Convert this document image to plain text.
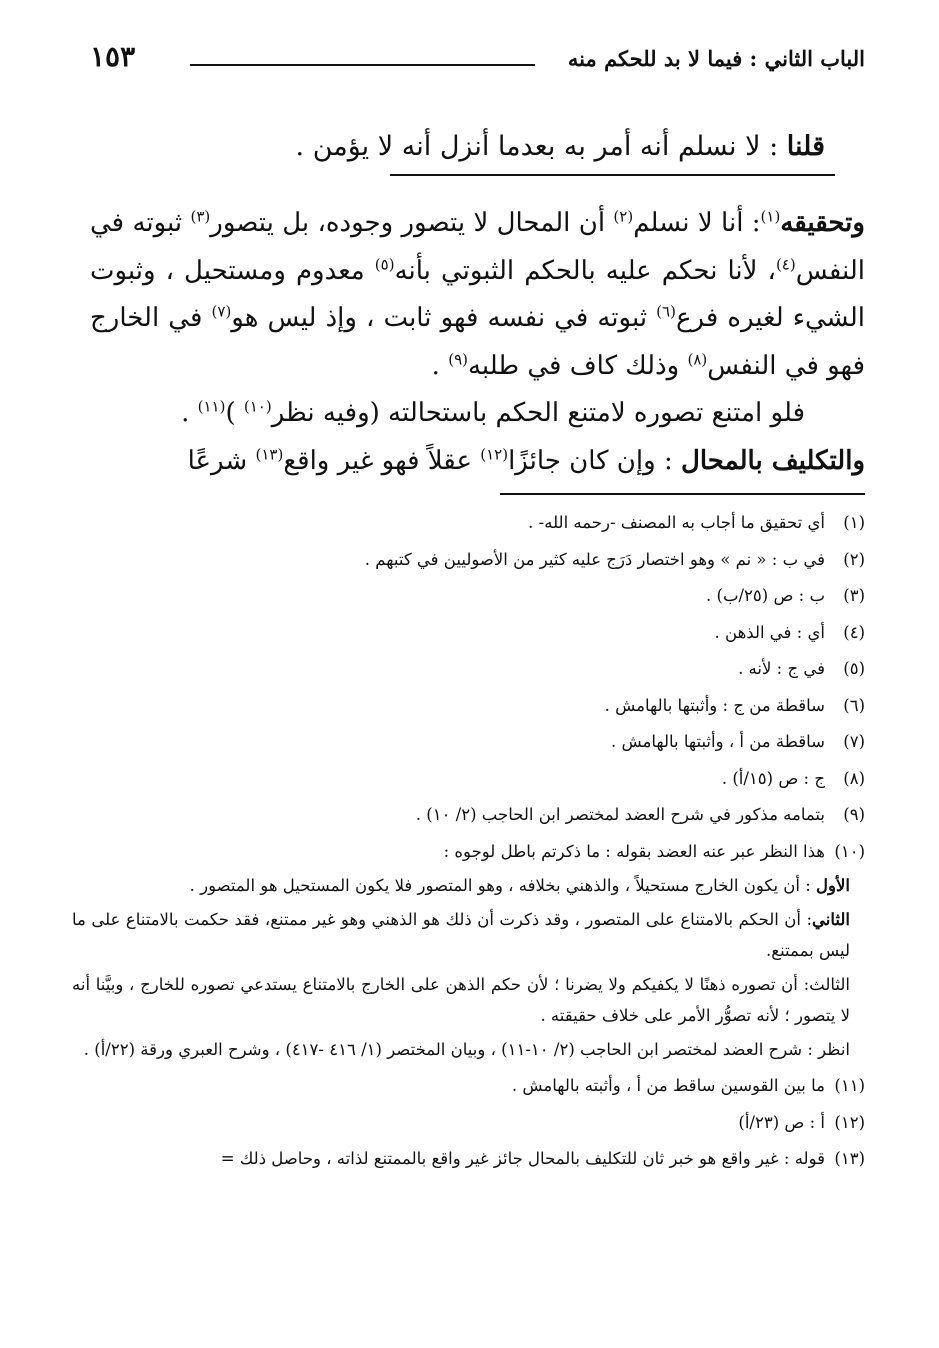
الباب الثاني : فيما لا بد للحكم منه
١٥٣
قلنا : لا نسلم أنه أمر به بعدما أنزل أنه لا يؤمن .

وتحقيقه$^{(١)}$: أنا لا نسلم$^{(٢)}$ أن المحال لا يتصور وجوده، بل يتصور$^{(٣)}$ ثبوته في النفس$^{(٤)}$، لأنا نحكم عليه بالحكم الثبوتي بأنه$^{(٥)}$ معدوم ومستحيل ، وثبوت الشيء لغيره فرع$^{(٦)}$ ثبوته في نفسه فهو ثابت ، وإذ ليس هو$^{(٧)}$ في الخارج فهو في النفس$^{(٨)}$ وذلك كاف في طلبه$^{(٩)}$ .

فلو امتنع تصوره لامتنع الحكم باستحالته (وفيه نظر$^{(١٠)}$ )$^{(١١)}$ .

والتكليف بالمحال : وإن كان جائزًا$^{(١٢)}$ عقلاً فهو غير واقع$^{(١٣)}$ شرعًا

(١)
أي تحقيق ما أجاب به المصنف -رحمه الله- .
(٢)
في ب : « نم » وهو اختصار دَرَج عليه كثير من الأصوليين في كتبهم .
(٣)
ب : ص (٢٥/ب) .
(٤)
أي : في الذهن .
(٥)
في ج : لأنه .
(٦)
ساقطة من ج : وأثبتها بالهامش .
(٧)
ساقطة من أ ، وأثبتها بالهامش .
(٨)
ج : ص (١٥/أ) .
(٩)
بتمامه مذكور في شرح العضد لمختصر ابن الحاجب (٢/ ١٠) .
(١٠)
هذا النظر عبر عنه العضد بقوله : ما ذكرتم باطل لوجوه :

الأول : أن يكون الخارج مستحيلاً ، والذهني بخلافه ، وهو المتصور فلا يكون المستحيل هو المتصور .

الثاني: أن الحكم بالامتناع على المتصور ، وقد ذكرت أن ذلك هو الذهني وهو غير ممتنع، فقد حكمت بالامتناع على ما ليس بممتنع.

الثالث: أن تصوره ذهنًا لا يكفيكم ولا يضرنا ؛ لأن حكم الذهن على الخارج بالامتناع يستدعي تصوره للخارج ، وبيَّنا أنه لا يتصور ؛ لأنه تصوُّر الأمر على خلاف حقيقته .

انظر : شرح العضد لمختصر ابن الحاجب (٢/ ١٠-١١) ، وبيان المختصر (١/ ٤١٦ -٤١٧) ، وشرح العبري ورقة (٢٢/أ) .

(١١)
ما بين القوسين ساقط من أ ، وأثبته بالهامش .
(١٢)
أ : ص (٢٣/أ)
(١٣)
قوله : غير واقع هو خبر ثان للتكليف بالمحال جائز غير واقع بالممتنع لذاته ، وحاصل ذلك =
